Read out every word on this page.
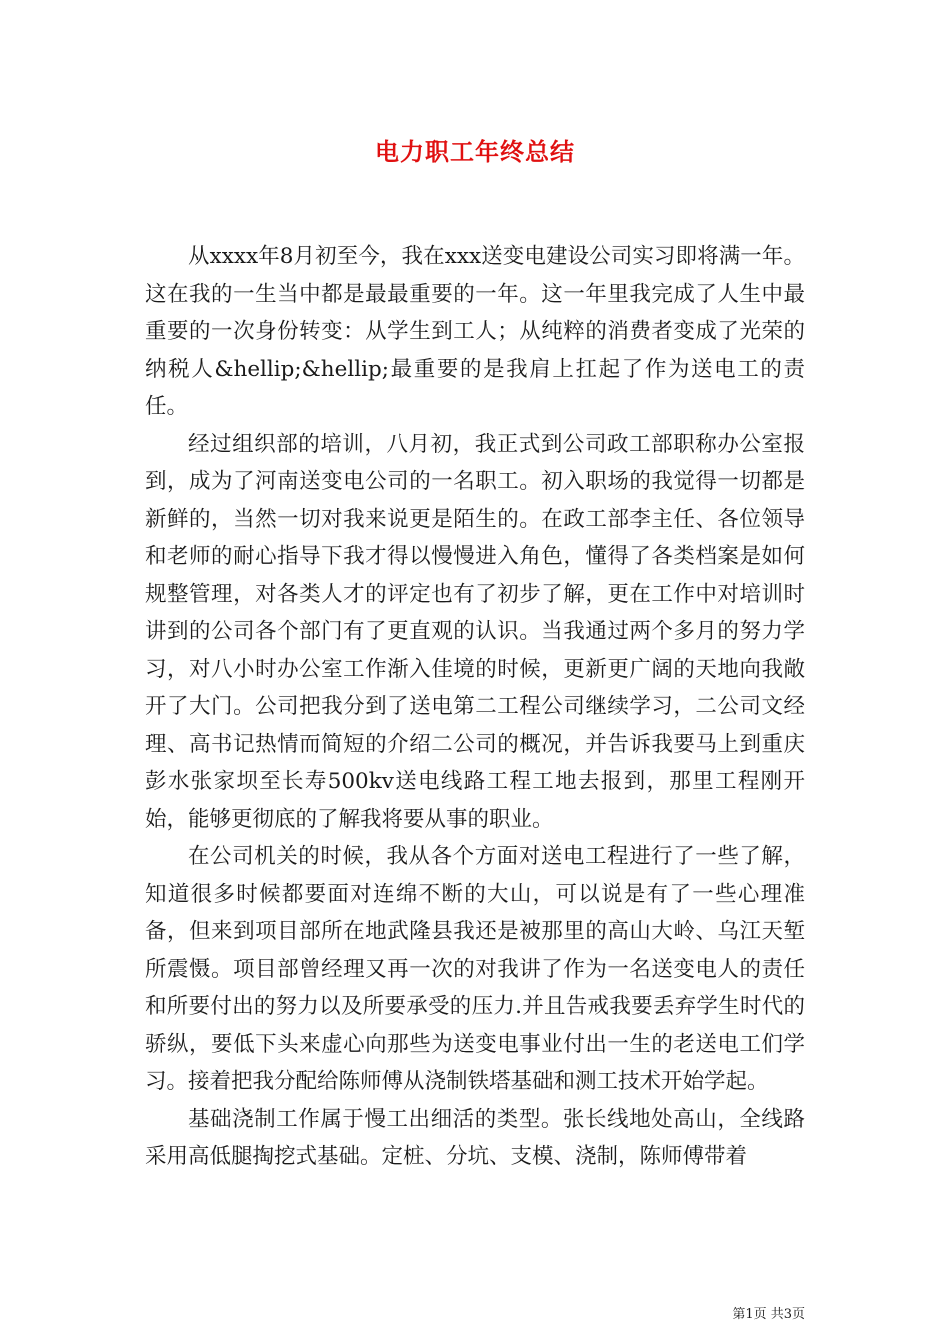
电力职工年终总结

从xxxx年8月初至今，我在xxx送变电建设公司实习即将满一年。这在我的一生当中都是最最重要的一年。这一年里我完成了人生中最重要的一次身份转变：从学生到工人；从纯粹的消费者变成了光荣的纳税人&hellip;&hellip;最重要的是我肩上扛起了作为送电工的责任。

经过组织部的培训，八月初，我正式到公司政工部职称办公室报到，成为了河南送变电公司的一名职工。初入职场的我觉得一切都是新鲜的，当然一切对我来说更是陌生的。在政工部李主任、各位领导和老师的耐心指导下我才得以慢慢进入角色，懂得了各类档案是如何规整管理，对各类人才的评定也有了初步了解，更在工作中对培训时讲到的公司各个部门有了更直观的认识。当我通过两个多月的努力学习，对八小时办公室工作渐入佳境的时候，更新更广阔的天地向我敞开了大门。公司把我分到了送电第二工程公司继续学习，二公司文经理、高书记热情而简短的介绍二公司的概况，并告诉我要马上到重庆彭水张家坝至长寿500kv送电线路工程工地去报到，那里工程刚开始，能够更彻底的了解我将要从事的职业。

在公司机关的时候，我从各个方面对送电工程进行了一些了解，知道很多时候都要面对连绵不断的大山，可以说是有了一些心理准备，但来到项目部所在地武隆县我还是被那里的高山大岭、乌江天堑所震慑。项目部曾经理又再一次的对我讲了作为一名送变电人的责任和所要付出的努力以及所要承受的压力.并且告戒我要丢弃学生时代的骄纵，要低下头来虚心向那些为送变电事业付出一生的老送电工们学习。接着把我分配给陈师傅从浇制铁塔基础和测工技术开始学起。

基础浇制工作属于慢工出细活的类型。张长线地处高山，全线路采用高低腿掏挖式基础。定桩、分坑、支模、浇制，陈师傅带着

第1页 共3页
